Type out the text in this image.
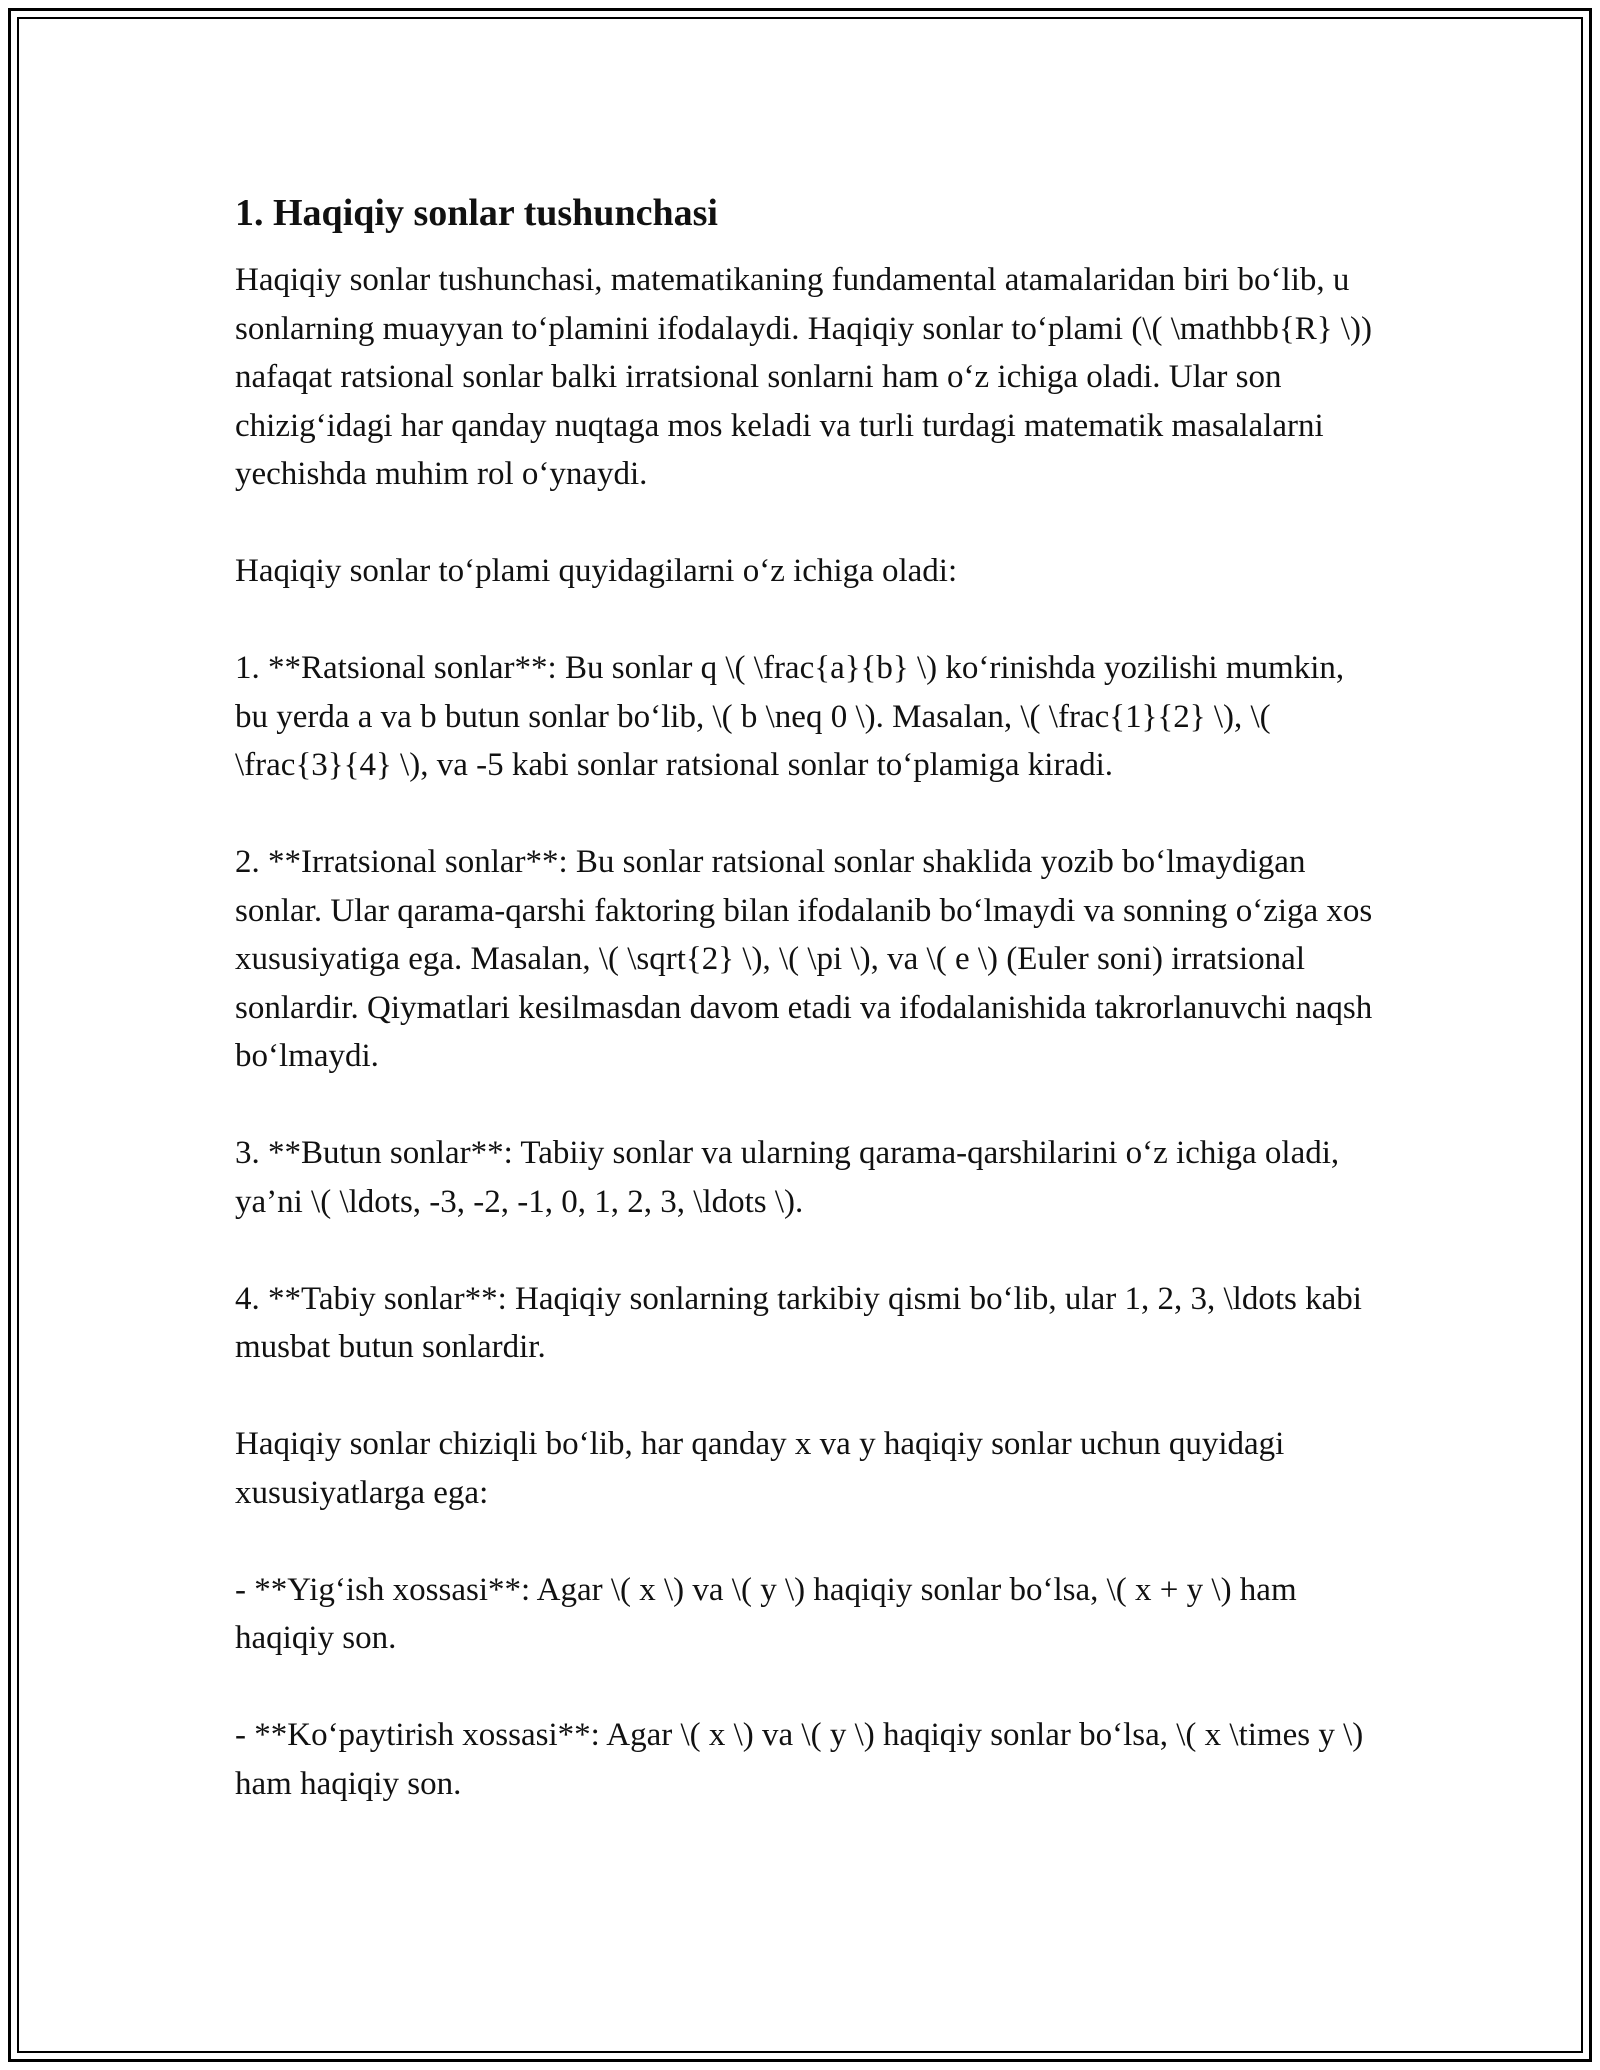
1. Haqiqiy sonlar tushunchasi

Haqiqiy sonlar tushunchasi, matematikaning fundamental atamalaridan biri bo‘lib, u sonlarning muayyan to‘plamini ifodalaydi. Haqiqiy sonlar to‘plami (\( \mathbb{R} \)) nafaqat ratsional sonlar balki irratsional sonlarni ham o‘z ichiga oladi. Ular son chizig‘idagi har qanday nuqtaga mos keladi va turli turdagi matematik masalalarni yechishda muhim rol o‘ynaydi.

Haqiqiy sonlar to‘plami quyidagilarni o‘z ichiga oladi:

1. **Ratsional sonlar**: Bu sonlar q \( \frac{a}{b} \) ko‘rinishda yozilishi mumkin, bu yerda a va b butun sonlar bo‘lib, \( b \neq 0 \). Masalan, \( \frac{1}{2} \), \( \frac{3}{4} \), va -5 kabi sonlar ratsional sonlar to‘plamiga kiradi.

2. **Irratsional sonlar**: Bu sonlar ratsional sonlar shaklida yozib bo‘lmaydigan sonlar. Ular qarama-qarshi faktoring bilan ifodalanib bo‘lmaydi va sonning o‘ziga xos xususiyatiga ega. Masalan, \( \sqrt{2} \), \( \pi \), va \( e \) (Euler soni) irratsional sonlardir. Qiymatlari kesilmasdan davom etadi va ifodalanishida takrorlanuvchi naqsh bo‘lmaydi.

3. **Butun sonlar**: Tabiiy sonlar va ularning qarama-qarshilarini o‘z ichiga oladi, ya’ni \( \ldots, -3, -2, -1, 0, 1, 2, 3, \ldots \).

4. **Tabiy sonlar**: Haqiqiy sonlarning tarkibiy qismi bo‘lib, ular 1, 2, 3, \ldots kabi musbat butun sonlardir.

Haqiqiy sonlar chiziqli bo‘lib, har qanday x va y haqiqiy sonlar uchun quyidagi xususiyatlarga ega:

- **Yig‘ish xossasi**: Agar \( x \) va \( y \) haqiqiy sonlar bo‘lsa, \( x + y \) ham haqiqiy son.

- **Ko‘paytirish xossasi**: Agar \( x \) va \( y \) haqiqiy sonlar bo‘lsa, \( x \times y \) ham haqiqiy son.
